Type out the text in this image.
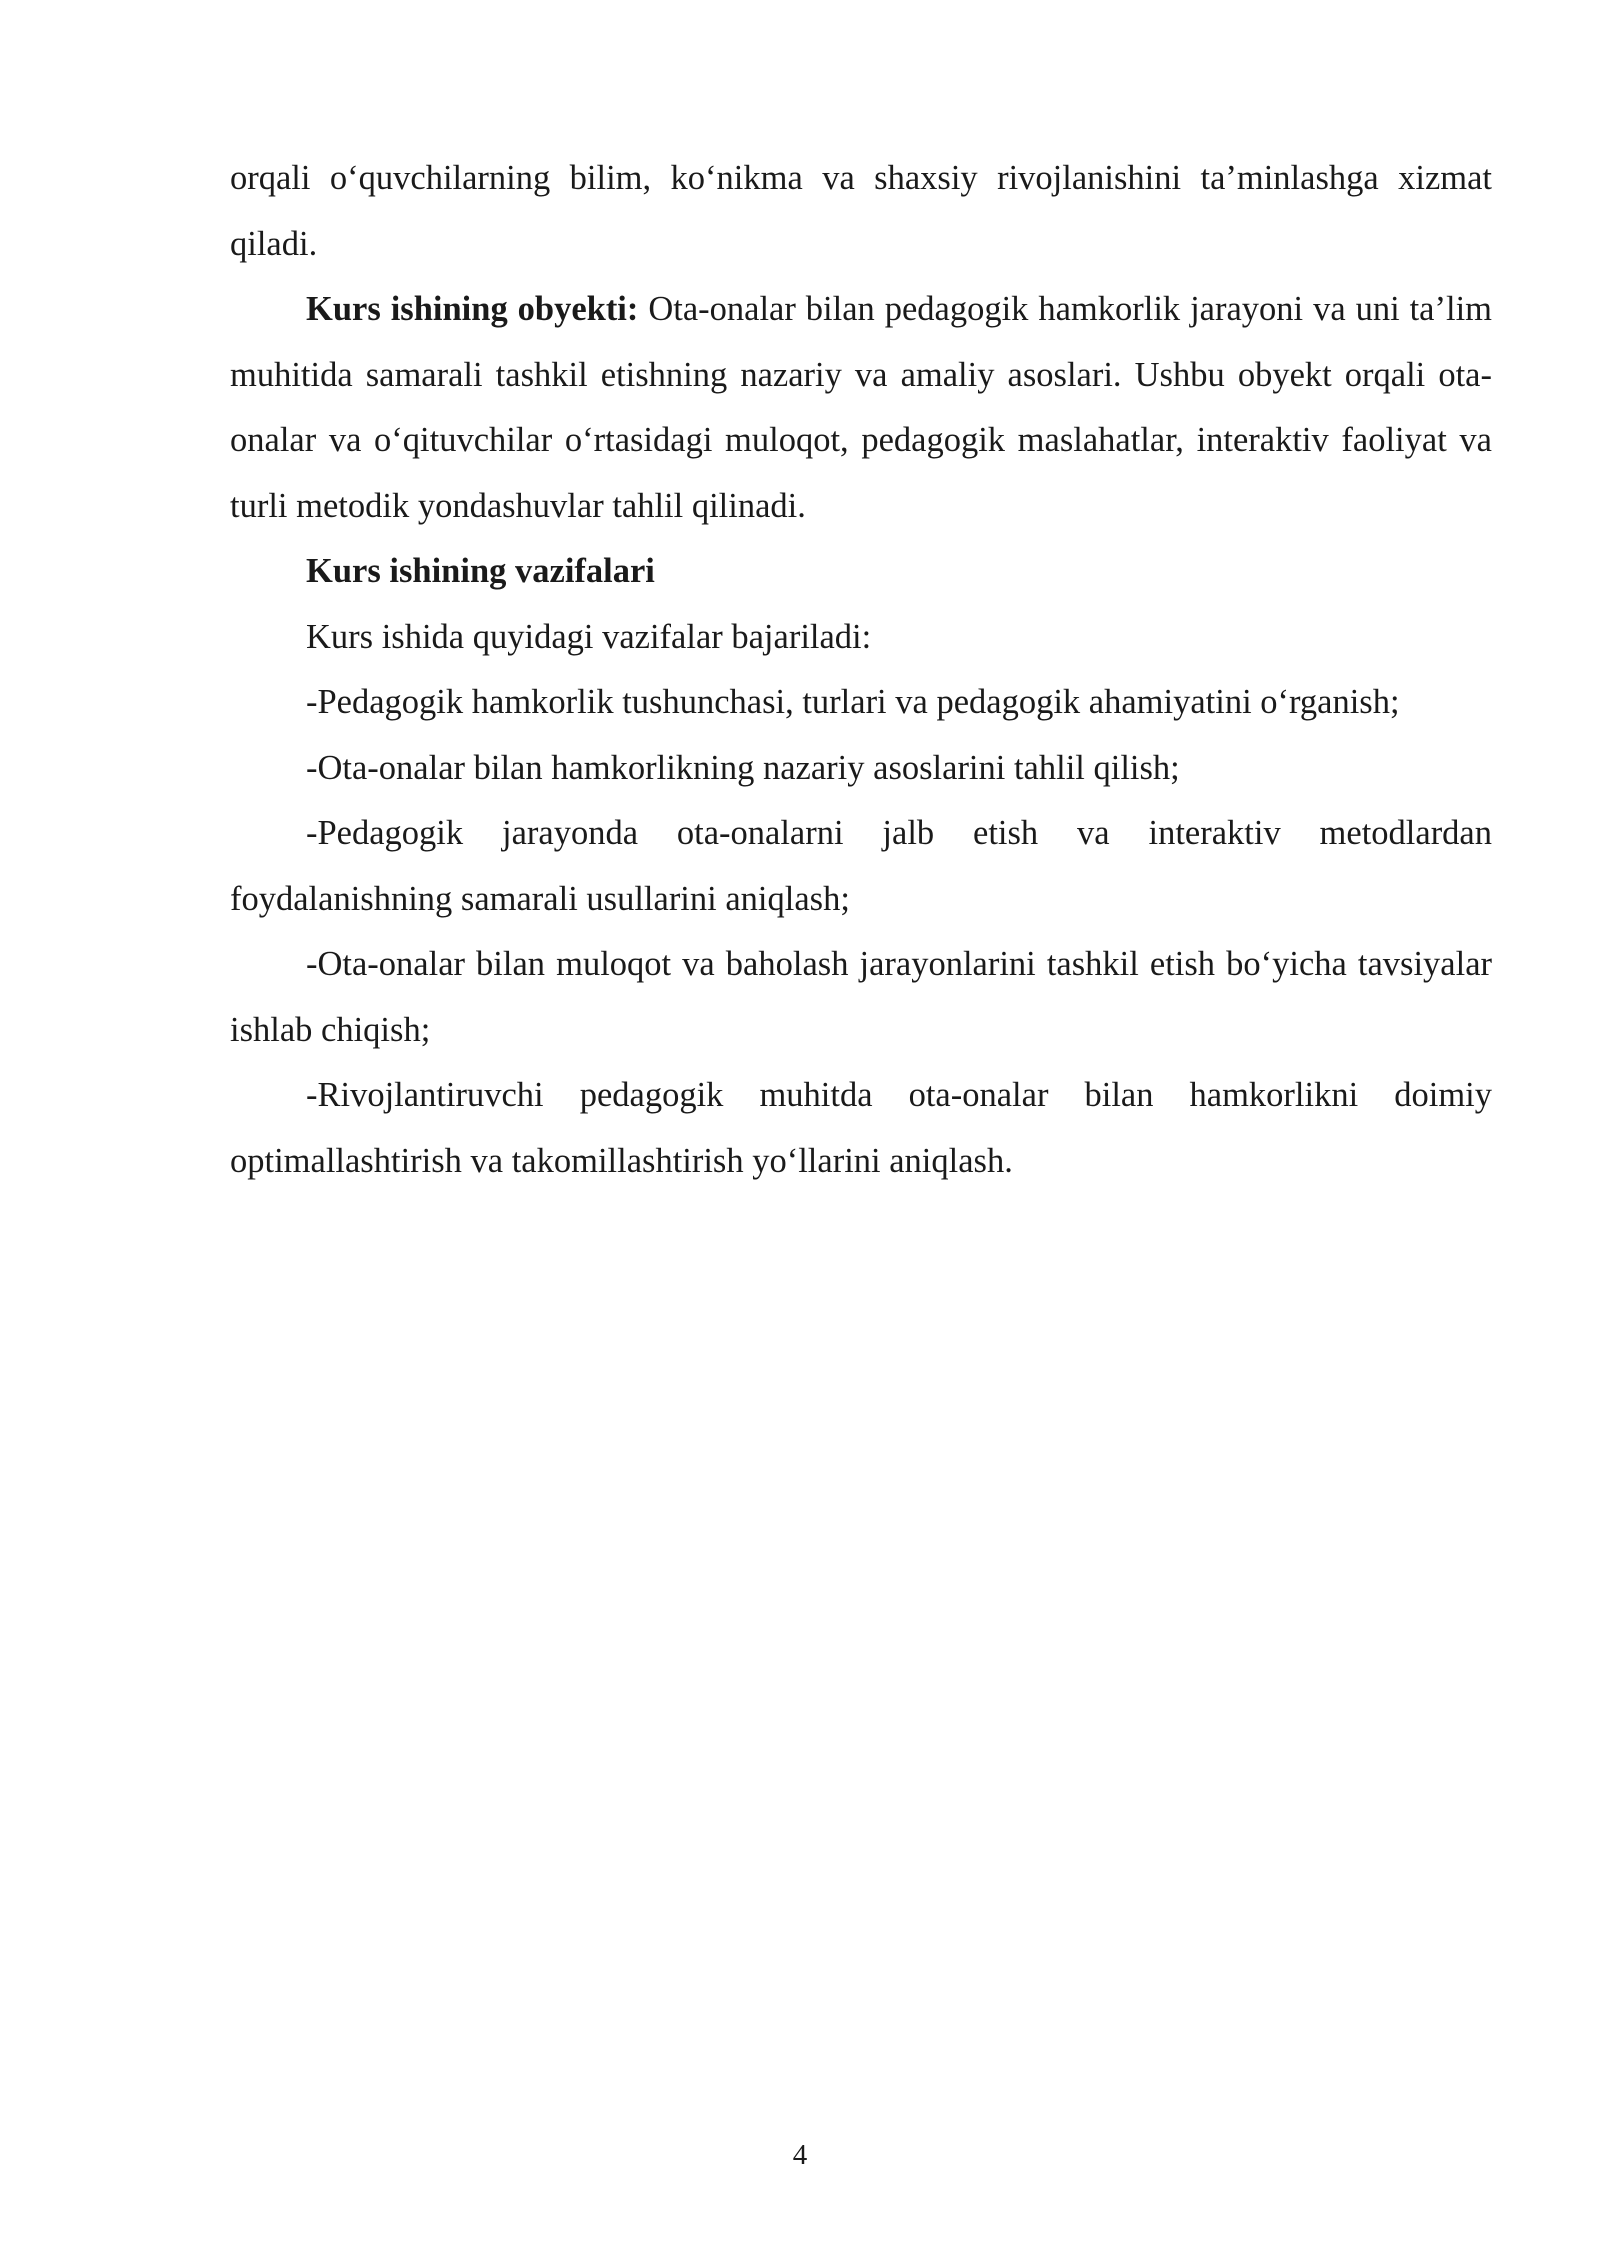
orqali o‘quvchilarning bilim, ko‘nikma va shaxsiy rivojlanishini ta’minlashga xizmat qiladi.

Kurs ishining obyekti: Ota-onalar bilan pedagogik hamkorlik jarayoni va uni ta’lim muhitida samarali tashkil etishning nazariy va amaliy asoslari. Ushbu obyekt orqali ota-onalar va o‘qituvchilar o‘rtasidagi muloqot, pedagogik maslahatlar, interaktiv faoliyat va turli metodik yondashuvlar tahlil qilinadi.

Kurs ishining vazifalari

Kurs ishida quyidagi vazifalar bajariladi:

-Pedagogik hamkorlik tushunchasi, turlari va pedagogik ahamiyatini o‘rganish;

-Ota-onalar bilan hamkorlikning nazariy asoslarini tahlil qilish;

-Pedagogik jarayonda ota-onalarni jalb etish va interaktiv metodlardan foydalanishning samarali usullarini aniqlash;

-Ota-onalar bilan muloqot va baholash jarayonlarini tashkil etish bo‘yicha tavsiyalar ishlab chiqish;

-Rivojlantiruvchi pedagogik muhitda ota-onalar bilan hamkorlikni doimiy optimallashtirish va takomillashtirish yo‘llarini aniqlash.

4
